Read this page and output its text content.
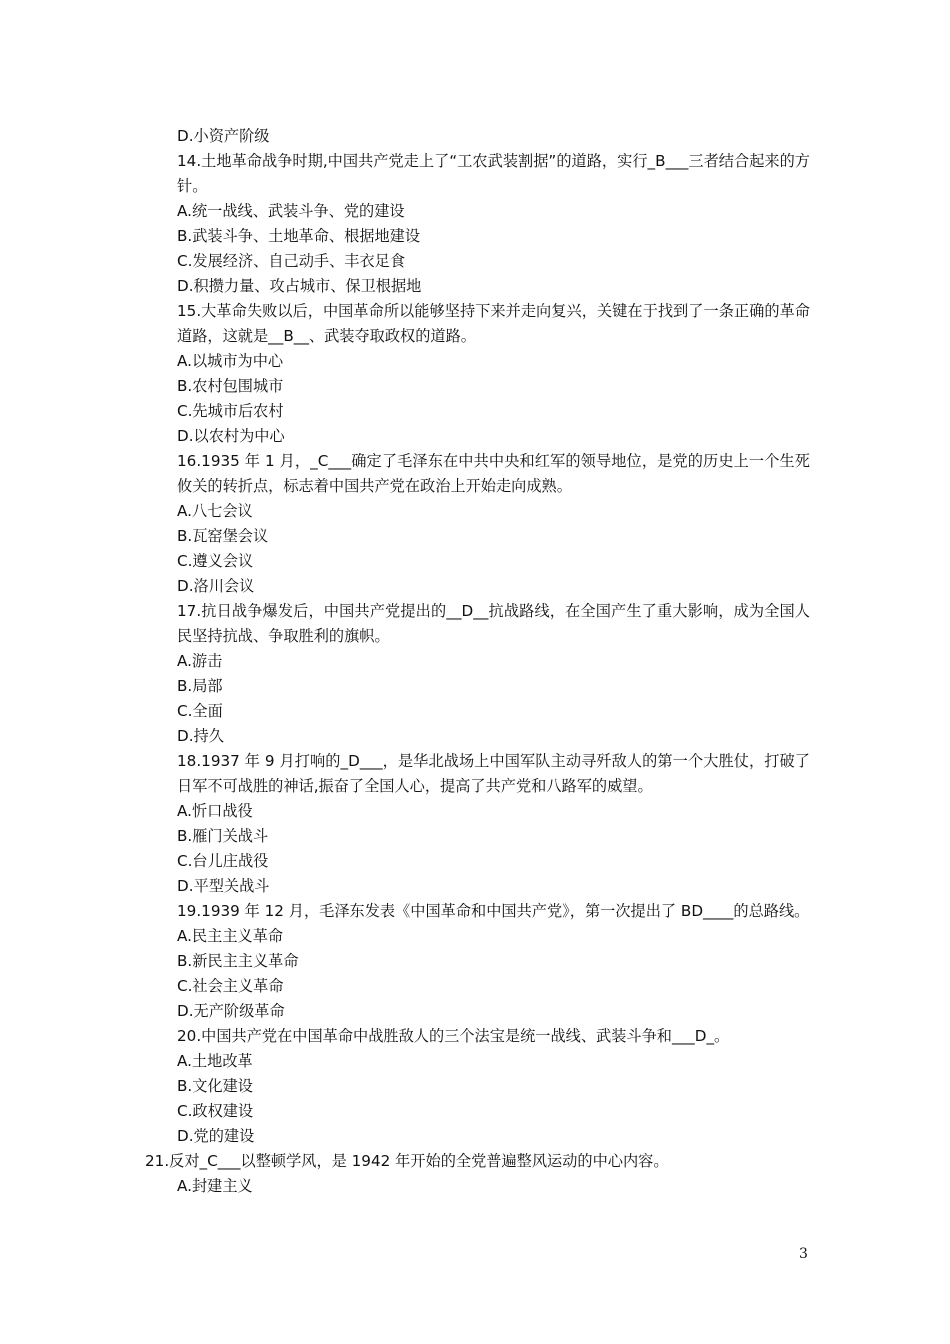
D.小资产阶级
14.土地革命战争时期,中国共产党走上了“工农武装割据”的道路，实行_B___三者结合起来的方针。
A.统一战线、武装斗争、党的建设
B.武装斗争、土地革命、根据地建设
C.发展经济、自己动手、丰衣足食
D.积攒力量、攻占城市、保卫根据地
15.大革命失败以后，中国革命所以能够坚持下来并走向复兴，关键在于找到了一条正确的革命道路，这就是__B__、武装夺取政权的道路。
A.以城市为中心
B.农村包围城市
C.先城市后农村
D.以农村为中心
16.1935 年 1 月，_C___确定了毛泽东在中共中央和红军的领导地位，是党的历史上一个生死攸关的转折点，标志着中国共产党在政治上开始走向成熟。
A.八七会议
B.瓦窑堡会议
C.遵义会议
D.洛川会议
17.抗日战争爆发后，中国共产党提出的__D__抗战路线，在全国产生了重大影响，成为全国人民坚持抗战、争取胜利的旗帜。
A.游击
B.局部
C.全面
D.持久
18.1937 年 9 月打响的_D___，是华北战场上中国军队主动寻歼敌人的第一个大胜仗，打破了日军不可战胜的神话,振奋了全国人心，提高了共产党和八路军的威望。
A.忻口战役
B.雁门关战斗
C.台儿庄战役
D.平型关战斗
19.1939 年 12 月，毛泽东发表《中国革命和中国共产党》，第一次提出了 BD____的总路线。
A.民主主义革命
B.新民主主义革命
C.社会主义革命
D.无产阶级革命
20.中国共产党在中国革命中战胜敌人的三个法宝是统一战线、武装斗争和___D_。
A.土地改革
B.文化建设
C.政权建设
D.党的建设
21.反对_C___以整顿学风，是 1942 年开始的全党普遍整风运动的中心内容。
A.封建主义
3
